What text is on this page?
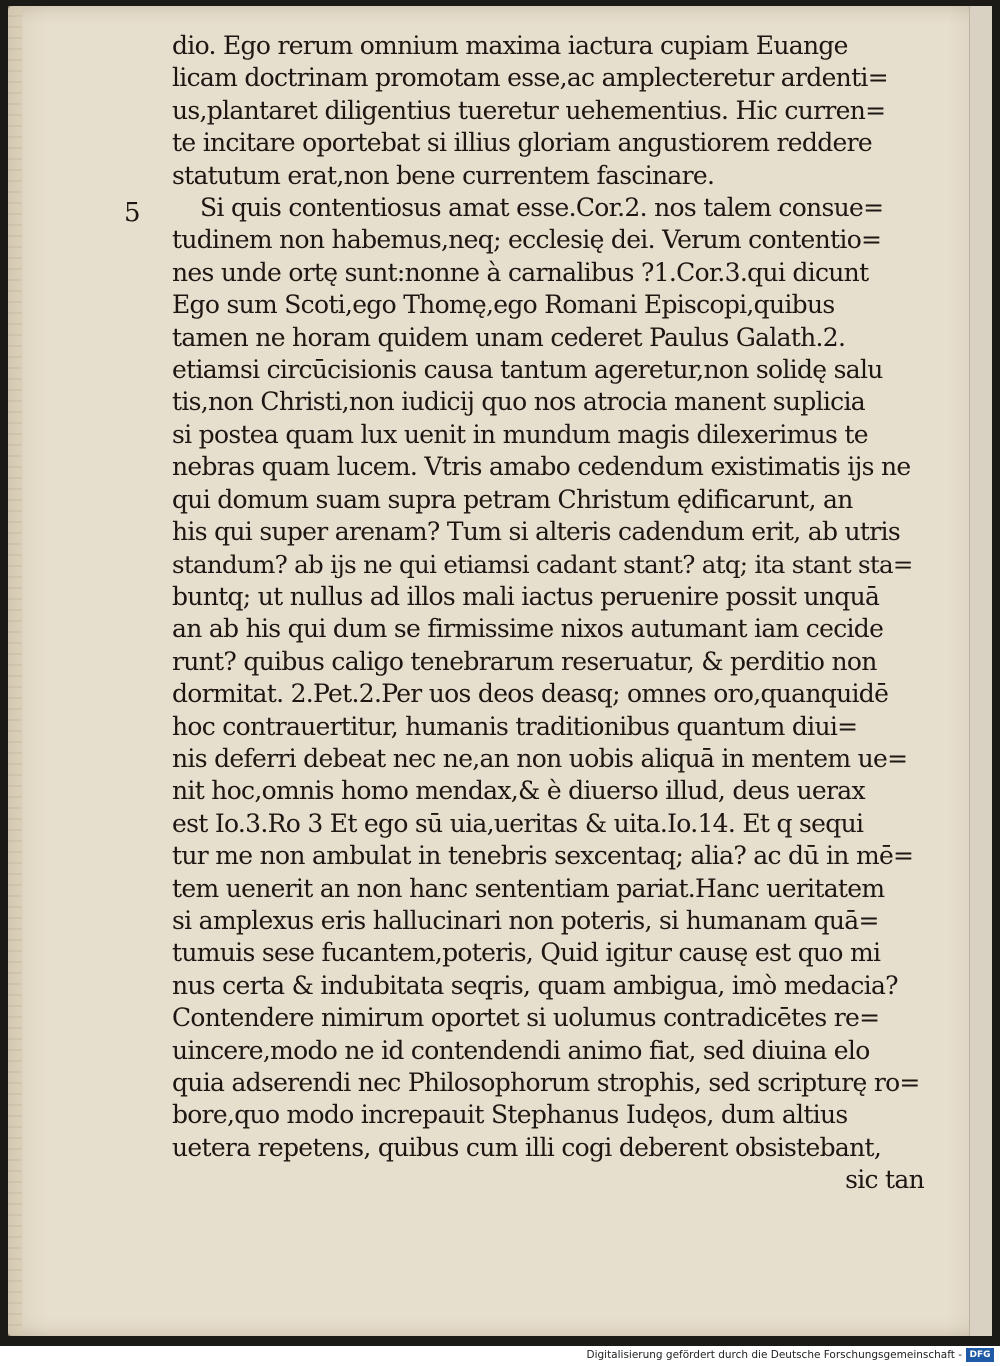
5
dio. Ego rerum omnium maxima iactura cupiam Euange
licam doctrinam promotam esse,ac amplecteretur ardenti=
us,plantaret diligentius tueretur uehementius. Hic curren=
te incitare oportebat si illius gloriam angustiorem reddere
statutum erat,non bene currentem fascinare.
Si quis contentiosus amat esse.Cor.2. nos talem consue=
tudinem non habemus,neq; ecclesię dei. Verum contentio=
nes unde ortę sunt:nonne à carnalibus ?1.Cor.3.qui dicunt
Ego sum Scoti,ego Thomę,ego Romani Episcopi,quibus
tamen ne horam quidem unam cederet Paulus Galath.2.
etiamsi circūcisionis causa tantum ageretur,non solidę salu
tis,non Christi,non iudicij quo nos atrocia manent suplicia
si postea quam lux uenit in mundum magis dilexerimus te
nebras quam lucem. Vtris amabo cedendum existimatis ijs ne
qui domum suam supra petram Christum ędificarunt, an
his qui super arenam? Tum si alteris cadendum erit, ab utris
standum? ab ijs ne qui etiamsi cadant stant? atq; ita stant sta=
buntq; ut nullus ad illos mali iactus peruenire possit unquā
an ab his qui dum se firmissime nixos autumant iam cecide
runt? quibus caligo tenebrarum reseruatur, & perditio non
dormitat. 2.Pet.2.Per uos deos deasq; omnes oro,quanquidē
hoc contrauertitur, humanis traditionibus quantum diui=
nis deferri debeat nec ne,an non uobis aliquā in mentem ue=
nit hoc,omnis homo mendax,& è diuerso illud, deus uerax
est Io.3.Ro 3 Et ego sū uia,ueritas & uita.Io.14. Et q sequi
tur me non ambulat in tenebris sexcentaq; alia? ac dū in mē=
tem uenerit an non hanc sententiam pariat.Hanc ueritatem
si amplexus eris hallucinari non poteris, si humanam quā=
tumuis sese fucantem,poteris, Quid igitur causę est quo mi
nus certa & indubitata seqris, quam ambigua, imò medacia?
Contendere nimirum oportet si uolumus contradicētes re=
uincere,modo ne id contendendi animo fiat, sed diuina elo
quia adserendi nec Philosophorum strophis, sed scripturę ro=
bore,quo modo increpauit Stephanus Iudęos, dum altius
uetera repetens, quibus cum illi cogi deberent obsistebant,
sic tan
Digitalisierung gefördert durch die Deutsche Forschungsgemeinschaft - DFG
